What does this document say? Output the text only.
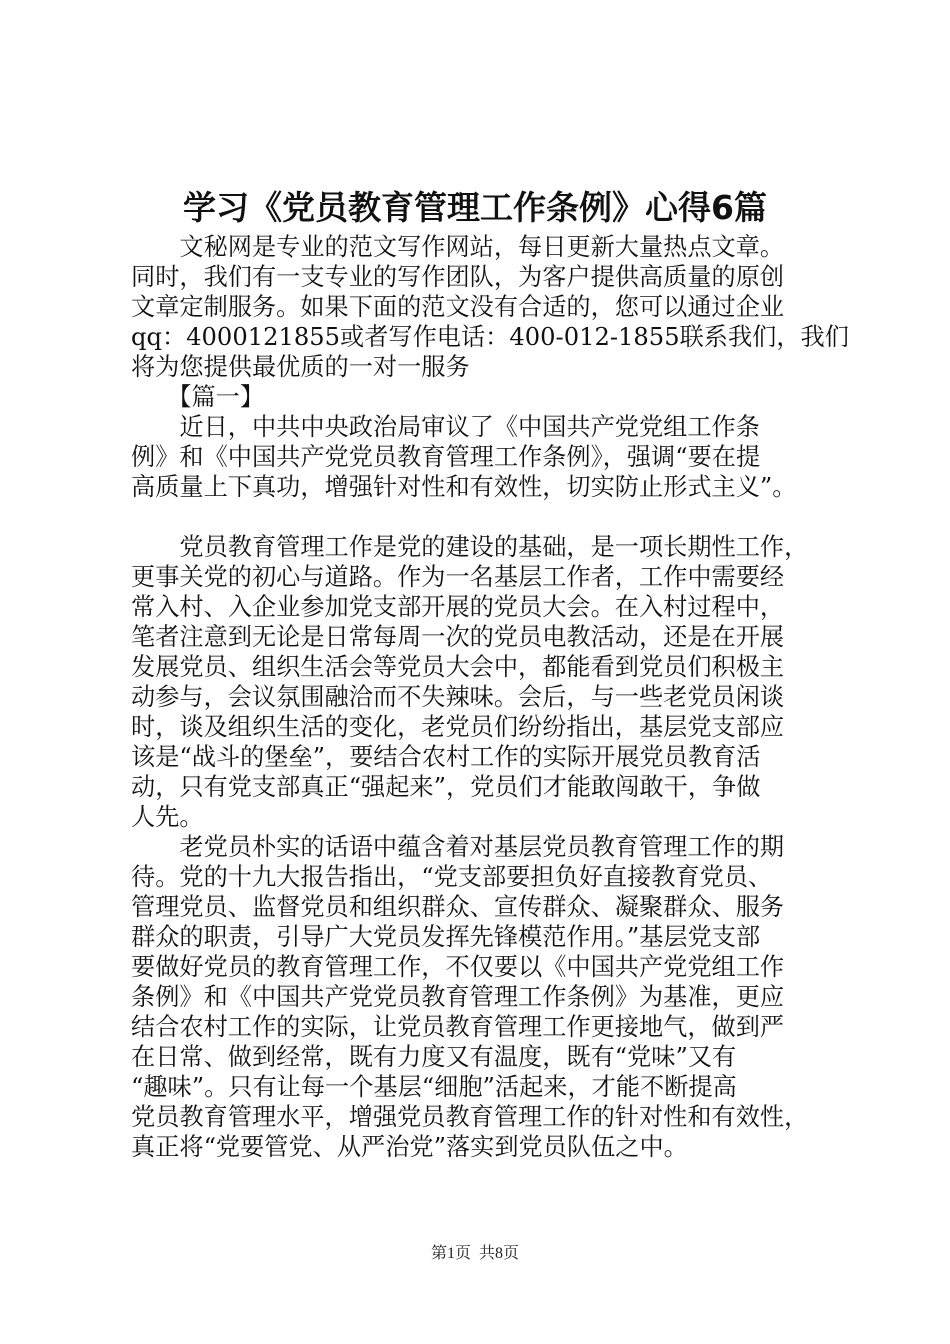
学习《党员教育管理工作条例》心得6篇
　　文秘网是专业的范文写作网站，每日更新大量热点文章。
同时，我们有一支专业的写作团队，为客户提供高质量的原创
文章定制服务。如果下面的范文没有合适的，您可以通过企业
qq：4000121855或者写作电话：400-012-1855联系我们，我们
将为您提供最优质的一对一服务
　　【篇一】
　　近日，中共中央政治局审议了《中国共产党党组工作条
例》和《中国共产党党员教育管理工作条例》，强调“要在提
高质量上下真功，增强针对性和有效性，切实防止形式主义”。
　　党员教育管理工作是党的建设的基础，是一项长期性工作，
更事关党的初心与道路。作为一名基层工作者，工作中需要经
常入村、入企业参加党支部开展的党员大会。在入村过程中，
笔者注意到无论是日常每周一次的党员电教活动，还是在开展
发展党员、组织生活会等党员大会中，都能看到党员们积极主
动参与，会议氛围融洽而不失辣味。会后，与一些老党员闲谈
时，谈及组织生活的变化，老党员们纷纷指出，基层党支部应
该是“战斗的堡垒”，要结合农村工作的实际开展党员教育活
动，只有党支部真正“强起来”，党员们才能敢闯敢干，争做
人先。
　　老党员朴实的话语中蕴含着对基层党员教育管理工作的期
待。党的十九大报告指出，“党支部要担负好直接教育党员、
管理党员、监督党员和组织群众、宣传群众、凝聚群众、服务
群众的职责，引导广大党员发挥先锋模范作用。”基层党支部
要做好党员的教育管理工作，不仅要以《中国共产党党组工作
条例》和《中国共产党党员教育管理工作条例》为基准，更应
结合农村工作的实际，让党员教育管理工作更接地气，做到严
在日常、做到经常，既有力度又有温度，既有“党味”又有
“趣味”。只有让每一个基层“细胞”活起来，才能不断提高
党员教育管理水平，增强党员教育管理工作的针对性和有效性，
真正将“党要管党、从严治党”落实到党员队伍之中。
第1页 共8页
